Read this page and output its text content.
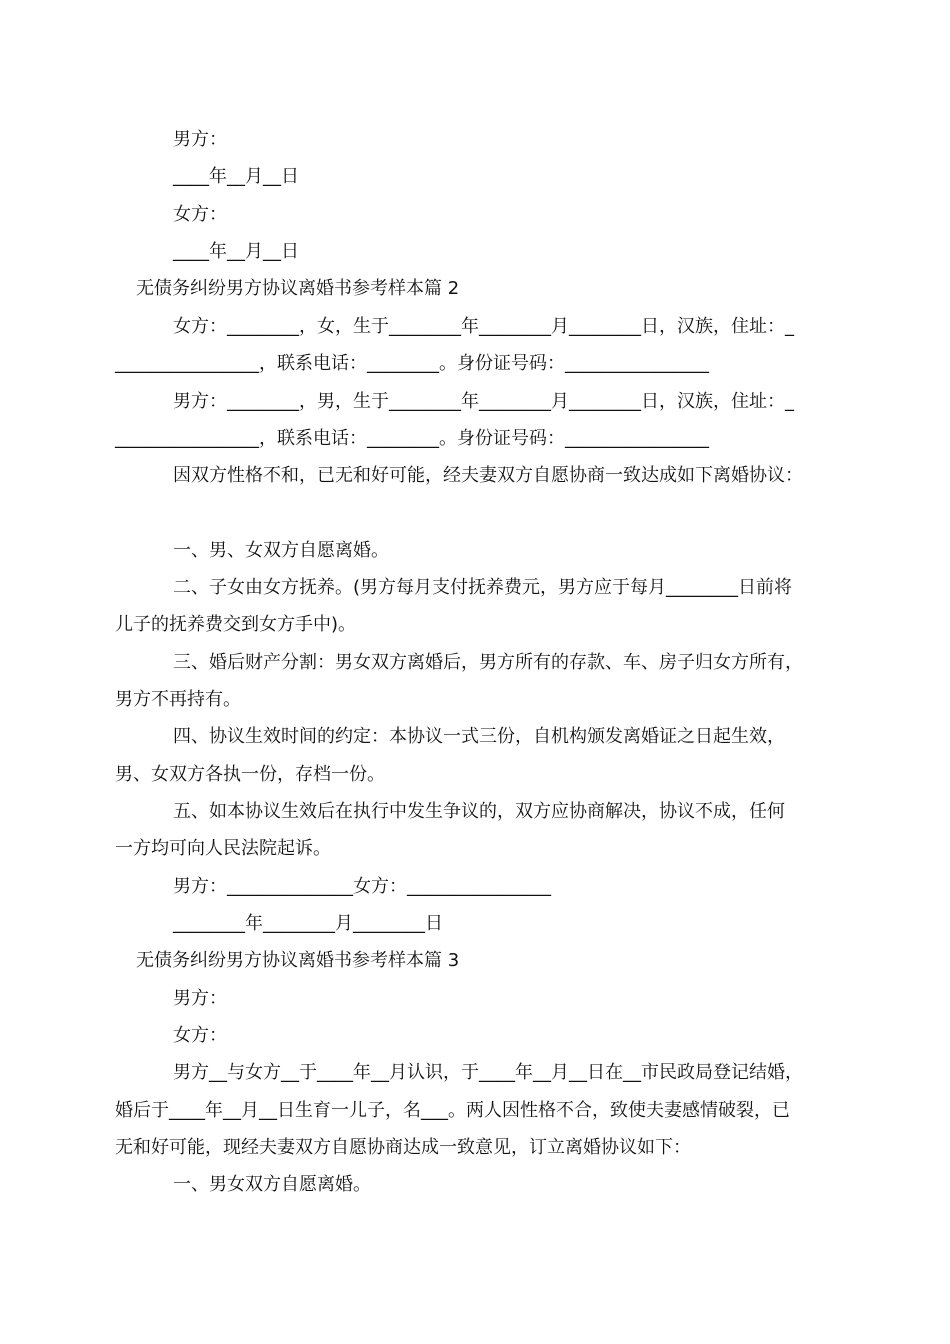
男方：
____年__月__日
女方：
____年__月__日
无债务纠纷男方协议离婚书参考样本篇 2
女方：________，女，生于________年________月________日，汉族，住址：_
________________，联系电话：________。身份证号码：________________
男方：________，男，生于________年________月________日，汉族，住址：_
________________，联系电话：________。身份证号码：________________
因双方性格不和，已无和好可能，经夫妻双方自愿协商一致达成如下离婚协议：
一、男、女双方自愿离婚。
二、子女由女方抚养。(男方每月支付抚养费元，男方应于每月________日前将
儿子的抚养费交到女方手中)。
三、婚后财产分割：男女双方离婚后，男方所有的存款、车、房子归女方所有，
男方不再持有。
四、协议生效时间的约定：本协议一式三份，自机构颁发离婚证之日起生效，
男、女双方各执一份，存档一份。
五、如本协议生效后在执行中发生争议的，双方应协商解决，协议不成，任何
一方均可向人民法院起诉。
男方：______________女方：________________
________年________月________日
无债务纠纷男方协议离婚书参考样本篇 3
男方：
女方：
男方__与女方__于____年__月认识，于____年__月__日在__市民政局登记结婚，
婚后于____年__月__日生育一儿子，名___。两人因性格不合，致使夫妻感情破裂，已
无和好可能，现经夫妻双方自愿协商达成一致意见，订立离婚协议如下：
一、男女双方自愿离婚。
